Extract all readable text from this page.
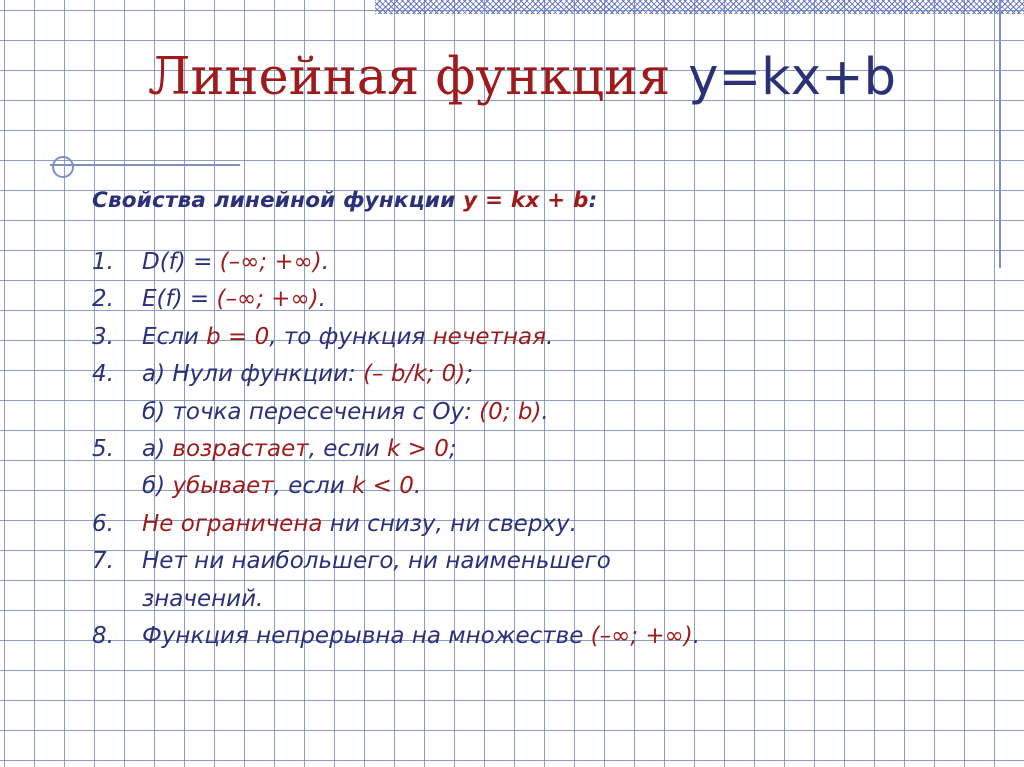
Линейная функция y=kx+b
Свойства линейной функции y = kx + b:
1.	D(f) = (–∞; +∞).
2.	E(f) = (–∞; +∞).
3.	Если b = 0, то функция нечетная.
4.	а) Нули функции: (– b/k; 0);
б) точка пересечения с Оу: (0; b).
5.	а) возрастает, если k > 0;
б) убывает, если k < 0.
6.	Не ограничена ни снизу, ни сверху.
7.	Нет ни наибольшего, ни наименьшего
значений.
8.	Функция непрерывна на множестве (–∞; +∞).
